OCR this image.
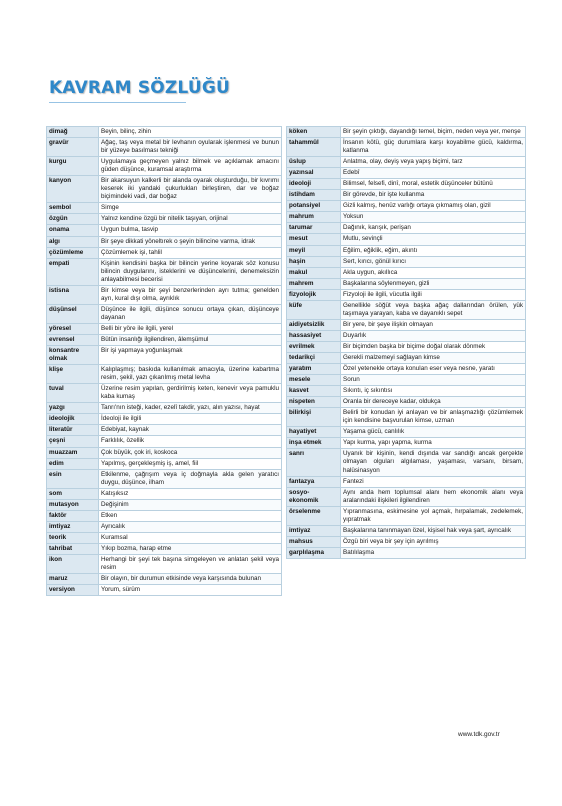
KAVRAM SÖZLÜĞÜ
dimağ	Beyin, bilinç, zihin
gravür	Ağaç, taş veya metal bir levhanın oyularak işlenmesi ve bunun bir yüzeye basılması tekniği
kurgu	Uygulamaya geçmeyen yalnız bilmek ve açıklamak amacını güden düşünce, kuramsal araştırma
kanyon	Bir akarsuyun kalkerli bir alanda oyarak oluşturduğu, bir kıvrımı keserek iki yandaki çukurlukları birleştiren, dar ve boğaz biçimindeki vadi, dar boğaz
sembol	Simge
özgün	Yalnız kendine özgü bir nitelik taşıyan, orijinal
onama	Uygun bulma, tasvip
algı	Bir şeye dikkati yöneltırek o şeyin bilincine varma, idrak
çözümleme	Çözümlemek işi, tahlil
empati	Kişinin kendisini başka bir bilincin yerine koyarak söz konusu bilincin duygularını, isteklerini ve düşüncelerini, denemeksizin anlayabilmesi becerisi
istisna	Bir kimse veya bir şeyi benzerlerinden ayrı tutma; genelden ayrı, kural dışı olma, ayrıklık
düşünsel	Düşünce ile ilgili, düşünce sonucu ortaya çıkan, düşünceye dayanan
yöresel	Belli bir yöre ile ilgili, yerel
evrensel	Bütün insanlığı ilgilendiren, âlemşümul
konsantre olmak	Bir işi yapmaya yoğunlaşmak
klişe	Kalıplaşmış; baskıda kullanılmak amacıyla, üzerine kabartma resim, şekil, yazı çıkarılmış metal levha
tuval	Üzerine resim yapılan, gerdirilmiş keten, kenevir veya pamuklu kaba kumaş
yazgı	Tanrı'nın isteği, kader, ezelî takdir, yazı, alın yazısı, hayat
ideolojik	İdeoloji ile ilgili
literatür	Edebiyat, kaynak
çeşni	Farklılık, özellik
muazzam	Çok büyük, çok iri, koskoca
edim	Yapılmış, gerçekleşmiş iş, amel, fiil
esin	Etkilenme, çağrışım veya iç doğmayla akla gelen yaratıcı duygu, düşünce, ilham
som	Katışıksız
mutasyon	Değişinim
faktör	Etken
imtiyaz	Ayrıcalık
teorik	Kuramsal
tahribat	Yıkıp bozma, harap etme
ikon	Herhangi bir şeyi tek başına simgeleyen ve anlatan şekil veya resim
maruz	Bir olayın, bir durumun etkisinde veya karşısında bulunan
versiyon	Yorum, sürüm
köken	Bir şeyin çıktığı, dayandığı temel, biçim, neden veya yer, menşe
tahammül	İnsanın kötü, güç durumlara karşı koyabilme gücü, kaldırma, katlanma
üslup	Anlatma, olay, deyiş veya yapış biçimi, tarz
yazınsal	Edebî
ideoloji	Bilimsel, felsefi, dinî, moral, estetik düşünceler bütünü
istihdam	Bir görevde, bir işte kullanma
potansiyel	Gizli kalmış, henüz varlığı ortaya çıkmamış olan, gizil
mahrum	Yoksun
tarumar	Dağınık, karışık, perişan
mesut	Mutlu, sevinçli
meyil	Eğilim, eğiklik, eğim, akıntı
haşin	Sert, kırıcı, gönül kırıcı
makul	Akla uygun, akıllıca
mahrem	Başkalarına söylenmeyen, gizli
fizyolojik	Fizyoloji ile ilgili, vücutla ilgili
küfe	Genellikle söğüt veya başka ağaç dallarından örülen, yük taşımaya yarayan, kaba ve dayanıklı sepet
aidiyetsizlik	Bir yere, bir şeye ilişkin olmayan
hassasiyet	Duyarlık
evrilmek	Bir biçimden başka bir biçime doğal olarak dönmek
tedarikçi	Gerekli malzemeyi sağlayan kimse
yaratım	Özel yetenekle ortaya konulan eser veya nesne, yaratı
mesele	Sorun
kasvet	Sıkıntı, iç sıkıntısı
nispeten	Oranla bir dereceye kadar, oldukça
bilirkişi	Belirli bir konudan iyi anlayan ve bir anlaşmazlığı çözümlemek için kendisine başvurulan kimse, uzman
hayatiyet	Yaşama gücü, canlılık
inşa etmek	Yapı kurma, yapı yapma, kurma
sanrı	Uyanık bir kişinin, kendi dışında var sandığı ancak gerçekte olmayan olguları algılaması, yaşaması, varsanı, birsam, halüsinasyon
fantazya	Fantezi
sosyo-ekonomik	Aynı anda hem toplumsal alanı hem ekonomik alanı veya aralarındaki ilişkileri ilgilendiren
örselenme	Yıpranmasına, eskimesine yol açmak, hırpalamak, zedelemek, yıpratmak
imtiyaz	Başkalarına tanınmayan özel, kişisel hak veya şart, ayrıcalık
mahsus	Özgü biri veya bir şey için ayrılmış
garplılaşma	Batılılaşma
www.tdk.gov.tr
